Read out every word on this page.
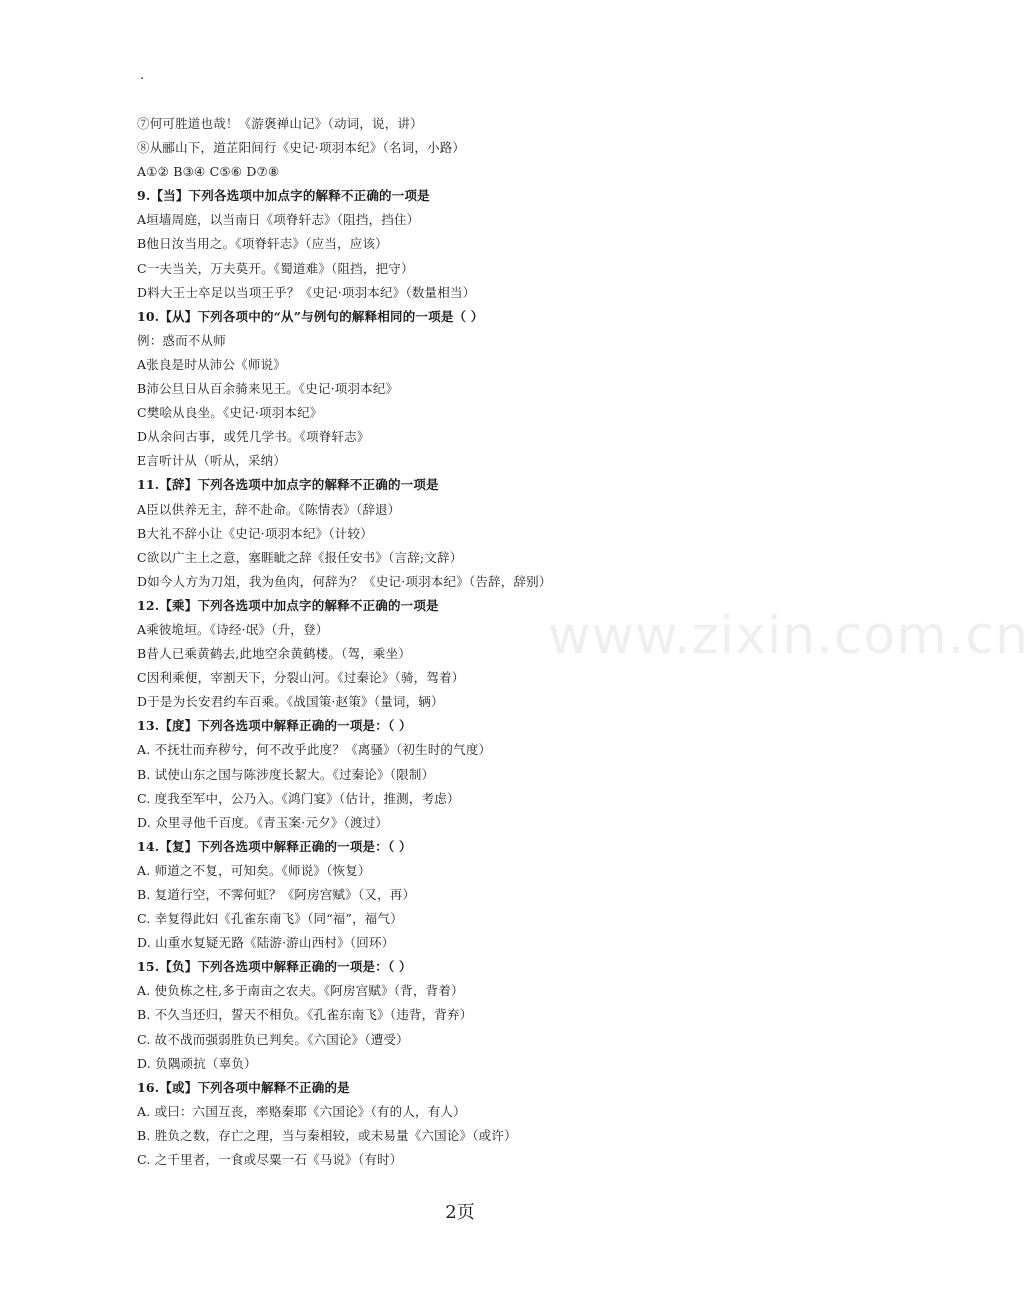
.
⑦何可胜道也哉！《游褒禅山记》（动词，说，讲）
⑧从郦山下，道芷阳间行《史记·项羽本纪》（名词，小路）
A①② B③④ C⑤⑥ D⑦⑧
9.【当】下列各选项中加点字的解释不正确的一项是
A垣墙周庭，以当南日《项脊轩志》（阻挡，挡住）
B他日汝当用之。《项脊轩志》（应当，应该）
C一夫当关，万夫莫开。《蜀道难》（阻挡，把守）
D料大王士卒足以当项王乎？《史记·项羽本纪》（数量相当）
10.【从】下列各项中的“从”与例句的解释相同的一项是（ ）
例：惑而不从师
A张良是时从沛公《师说》
B沛公旦日从百余骑来见王。《史记·项羽本纪》
C樊哙从良坐。《史记·项羽本纪》
D从余问古事，或凭几学书。《项脊轩志》
E言听计从（听从，采纳）
11.【辞】下列各选项中加点字的解释不正确的一项是
A臣以供养无主，辞不赴命。《陈情表》（辞退）
B大礼不辞小让《史记·项羽本纪》（计较）
C欲以广主上之意，塞睚眦之辞《报任安书》（言辞;文辞）
D如今人方为刀俎，我为鱼肉，何辞为？《史记·项羽本纪》（告辞，辞别）
12.【乘】下列各选项中加点字的解释不正确的一项是
A乘彼垝垣。《诗经·氓》（升，登）
B昔人已乘黄鹤去,此地空余黄鹤楼。（驾，乘坐）
C因利乘便，宰割天下，分裂山河。《过秦论》（骑，驾着）
D于是为长安君约车百乘。《战国策·赵策》（量词，辆）
13.【度】下列各选项中解释正确的一项是：（ ）
A. 不抚壮而弃秽兮，何不改乎此度？《离骚》（初生时的气度）
B. 试使山东之国与陈涉度长絜大。《过秦论》（限制）
C. 度我至军中，公乃入。《鸿门宴》（估计，推测，考虑）
D. 众里寻他千百度。《青玉案·元夕》（渡过）
14.【复】下列各选项中解释正确的一项是：（ ）
A. 师道之不复，可知矣。《师说》（恢复）
B. 复道行空，不霁何虹？《阿房宫赋》（又，再）
C. 幸复得此妇《孔雀东南飞》（同“福”，福气）
D. 山重水复疑无路《陆游·游山西村》（回环）
15.【负】下列各选项中解释正确的一项是：（ ）
A. 使负栋之柱,多于南亩之农夫。《阿房宫赋》（背，背着）
B. 不久当还归，誓天不相负。《孔雀东南飞》（违背，背弃）
C. 故不战而强弱胜负已判矣。《六国论》（遭受）
D. 负隅顽抗（辜负）
16.【或】下列各项中解释不正确的是
A. 或曰：六国互丧，率赂秦耶《六国论》（有的人，有人）
B. 胜负之数，存亡之理，当与秦相较，或未易量《六国论》（或许）
C. 之千里者，一食或尽粟一石《马说》（有时）
www.zixin.com.cn
2页
